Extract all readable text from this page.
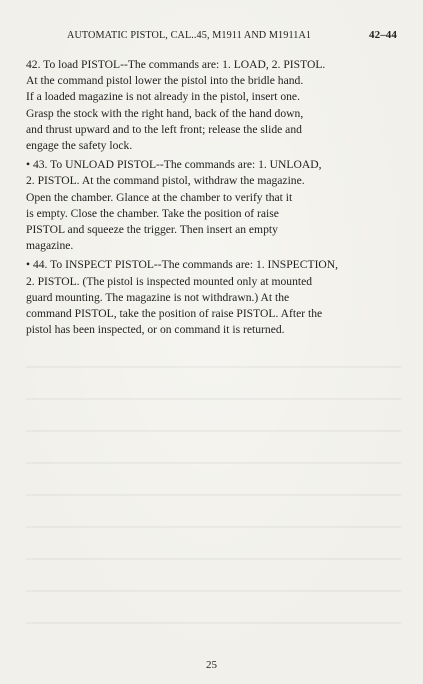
AUTOMATIC PISTOL, CAL..45, M1911 AND M1911A1	42–44
42. To load PISTOL--The commands are: 1. LOAD, 2. PISTOL.
At the command pistol lower the pistol into the bridle hand.
If a loaded magazine is not already in the pistol, insert one.
Grasp the stock with the right hand, back of the hand down,
and thrust upward and to the left front; release the slide and
engage the safety lock.
• 43. To UNLOAD PISTOL--The commands are: 1. UNLOAD,
2. PISTOL. At the command pistol, withdraw the magazine.
Open the chamber. Glance at the chamber to verify that it
is empty. Close the chamber. Take the position of raise
PISTOL and squeeze the trigger. Then insert an empty
magazine.
• 44. To INSPECT PISTOL--The commands are: 1. INSPECTION,
2. PISTOL. (The pistol is inspected mounted only at mounted
guard mounting. The magazine is not withdrawn.) At the
command PISTOL, take the position of raise PISTOL. After the
pistol has been inspected, or on command it is returned.
25
